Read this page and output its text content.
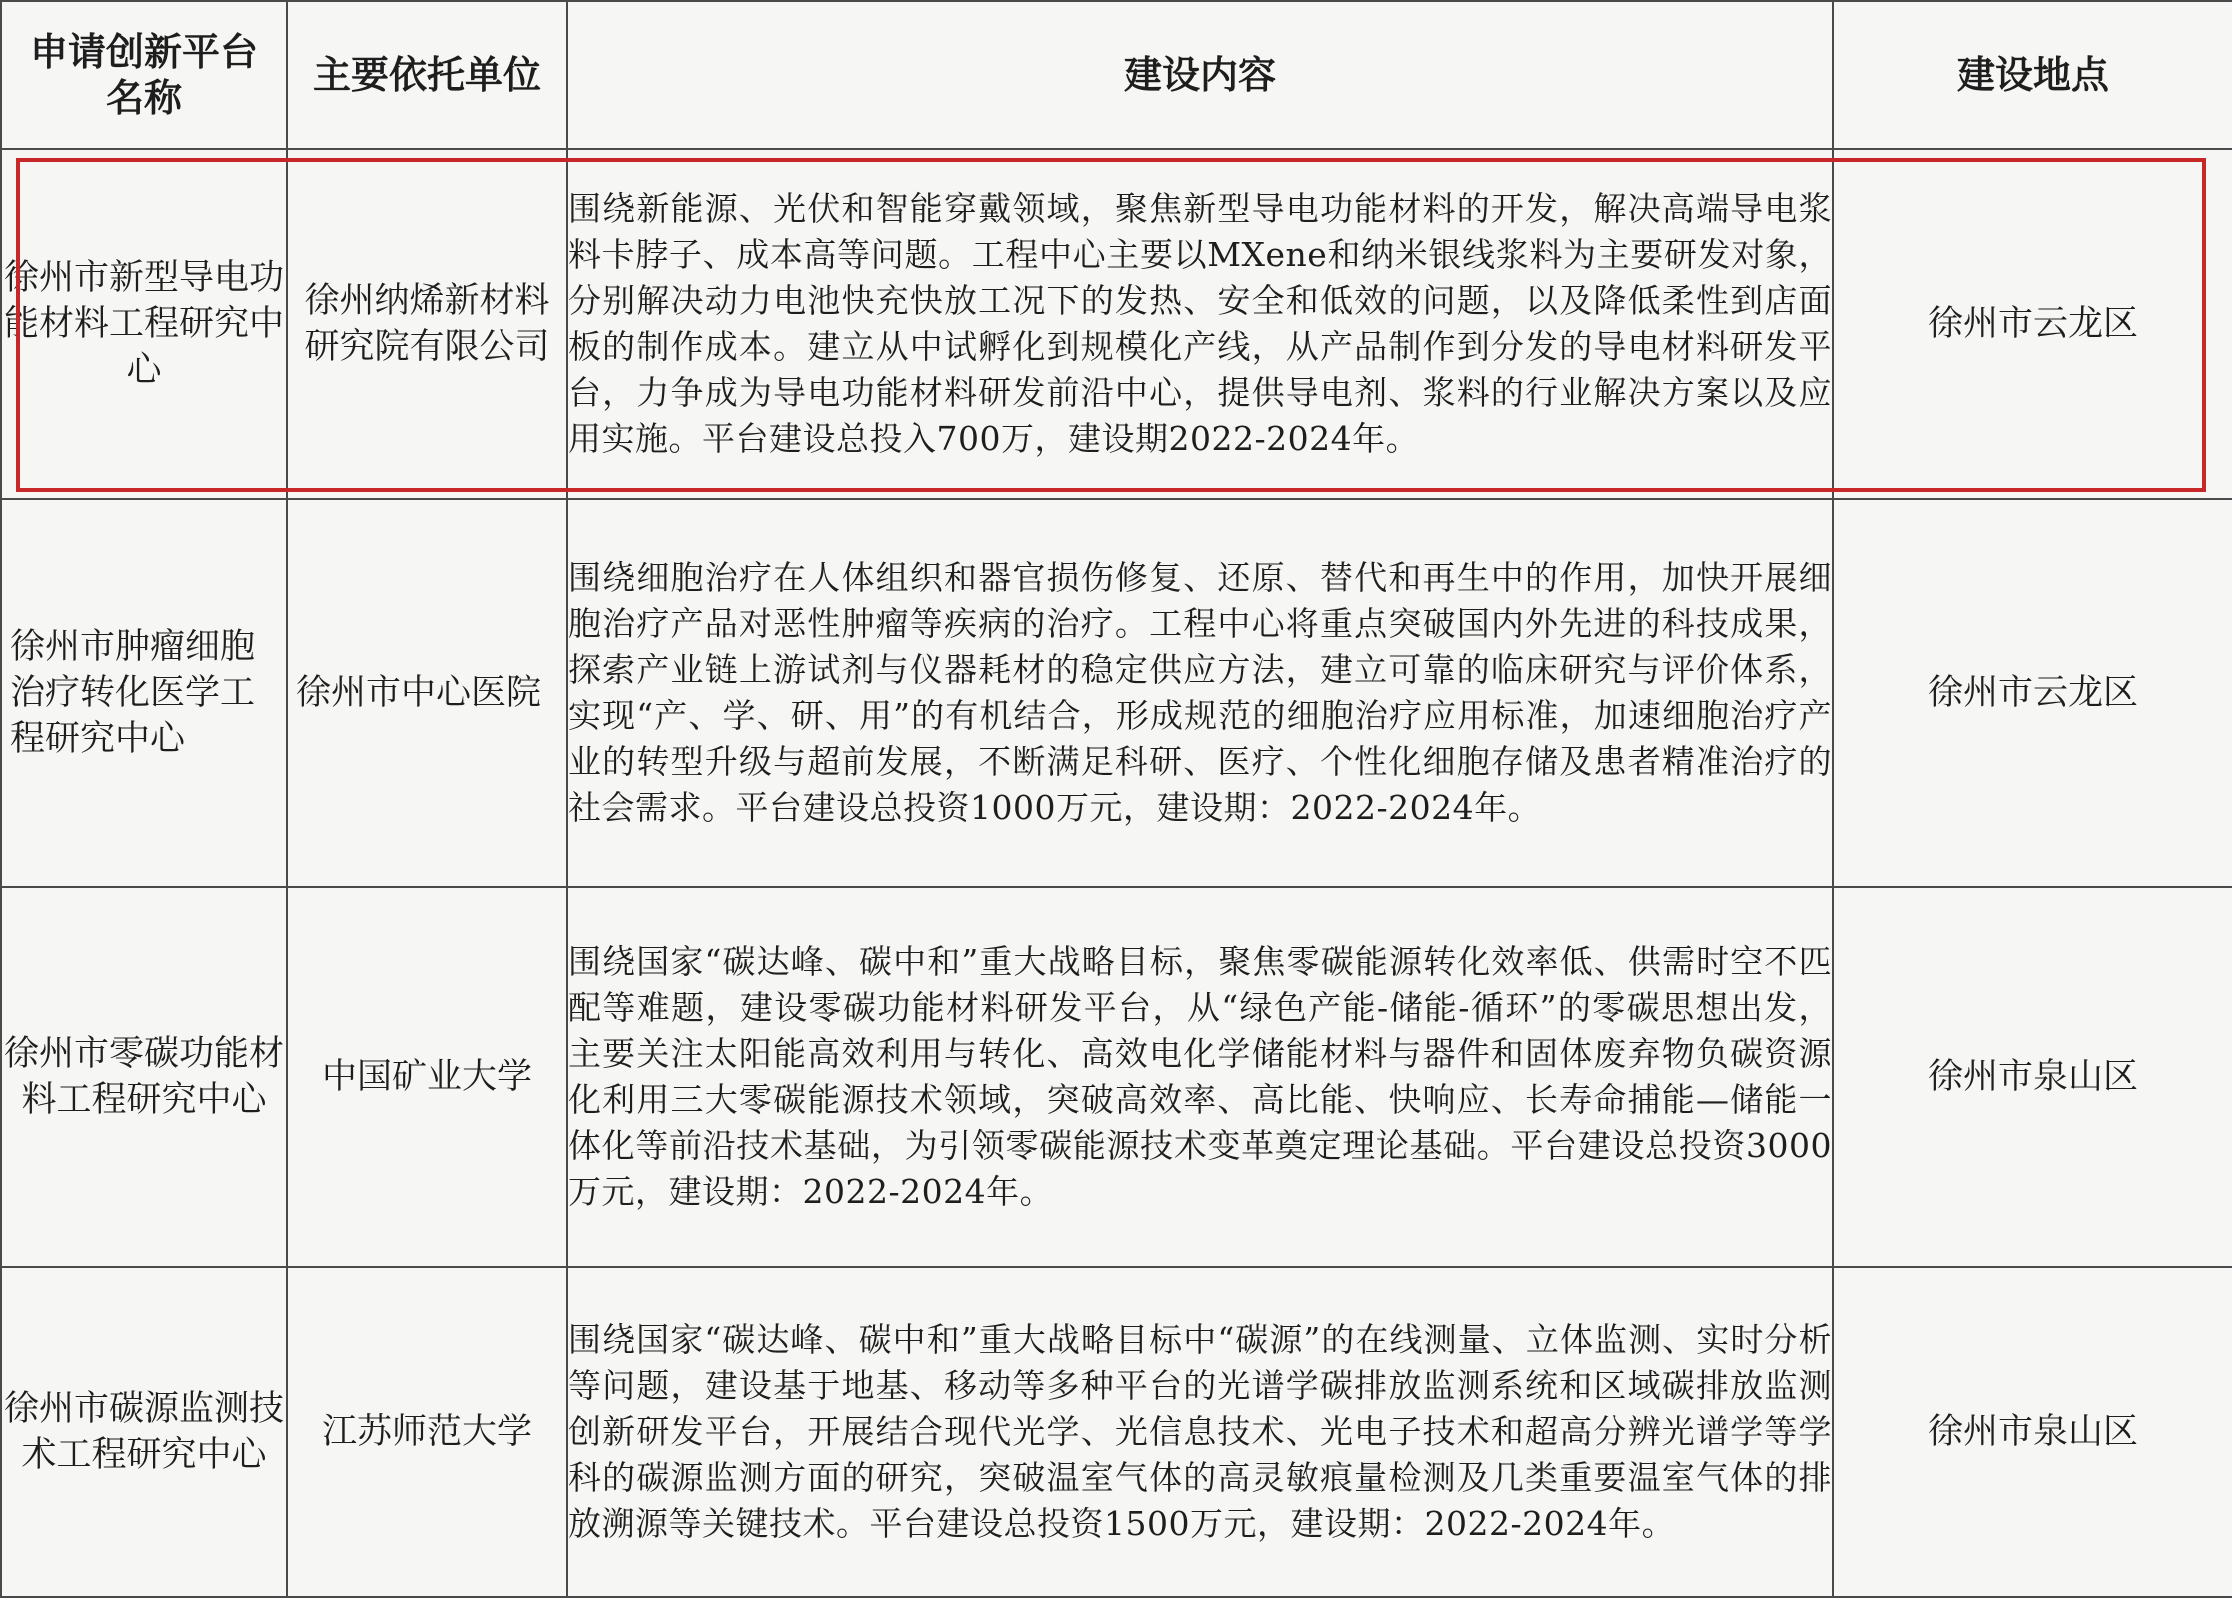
申请创新平台名称	主要依托单位	建设内容	建设地点
徐州市新型导电功能材料工程研究中心	徐州纳烯新材料研究院有限公司	围绕新能源、光伏和智能穿戴领域，聚焦新型导电功能材料的开发，解决高端导电浆料卡脖子、成本高等问题。工程中心主要以MXene和纳米银线浆料为主要研发对象，分别解决动力电池快充快放工况下的发热、安全和低效的问题，以及降低柔性到店面板的制作成本。建立从中试孵化到规模化产线，从产品制作到分发的导电材料研发平台，力争成为导电功能材料研发前沿中心，提供导电剂、浆料的行业解决方案以及应用实施。平台建设总投入700万，建设期2022-2024年。	徐州市云龙区
徐州市肿瘤细胞治疗转化医学工程研究中心	徐州市中心医院	围绕细胞治疗在人体组织和器官损伤修复、还原、替代和再生中的作用，加快开展细胞治疗产品对恶性肿瘤等疾病的治疗。工程中心将重点突破国内外先进的科技成果，探索产业链上游试剂与仪器耗材的稳定供应方法，建立可靠的临床研究与评价体系，实现“产、学、研、用”的有机结合，形成规范的细胞治疗应用标准，加速细胞治疗产业的转型升级与超前发展，不断满足科研、医疗、个性化细胞存储及患者精准治疗的社会需求。平台建设总投资1000万元，建设期：2022-2024年。	徐州市云龙区
徐州市零碳功能材料工程研究中心	中国矿业大学	围绕国家“碳达峰、碳中和”重大战略目标，聚焦零碳能源转化效率低、供需时空不匹配等难题，建设零碳功能材料研发平台，从“绿色产能-储能-循环”的零碳思想出发，主要关注太阳能高效利用与转化、高效电化学储能材料与器件和固体废弃物负碳资源化利用三大零碳能源技术领域，突破高效率、高比能、快响应、长寿命捕能—储能一体化等前沿技术基础，为引领零碳能源技术变革奠定理论基础。平台建设总投资3000万元，建设期：2022-2024年。	徐州市泉山区
徐州市碳源监测技术工程研究中心	江苏师范大学	围绕国家“碳达峰、碳中和”重大战略目标中“碳源”的在线测量、立体监测、实时分析等问题，建设基于地基、移动等多种平台的光谱学碳排放监测系统和区域碳排放监测创新研发平台，开展结合现代光学、光信息技术、光电子技术和超高分辨光谱学等学科的碳源监测方面的研究，突破温室气体的高灵敏痕量检测及几类重要温室气体的排放溯源等关键技术。平台建设总投资1500万元，建设期：2022-2024年。	徐州市泉山区
